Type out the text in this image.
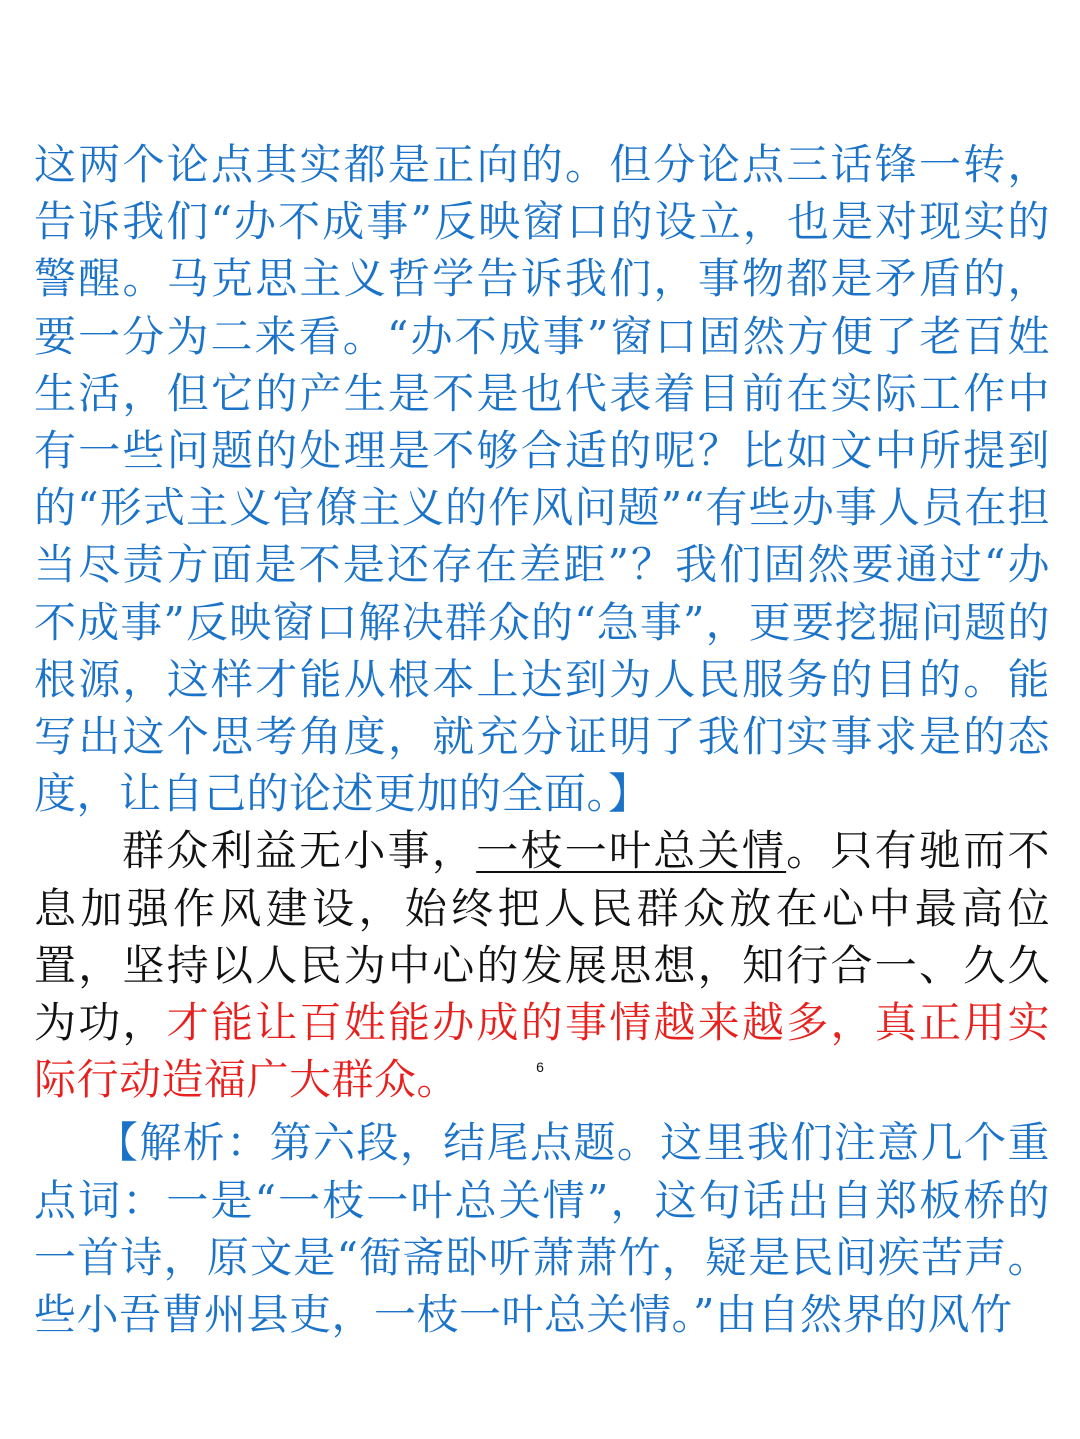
这两个论点其实都是正向的。但分论点三话锋一转，告诉我们“办不成事”反映窗口的设立，也是对现实的警醒。马克思主义哲学告诉我们，事物都是矛盾的，要一分为二来看。“办不成事”窗口固然方便了老百姓生活，但它的产生是不是也代表着目前在实际工作中有一些问题的处理是不够合适的呢？比如文中所提到的“形式主义官僚主义的作风问题”“有些办事人员在担当尽责方面是不是还存在差距”？我们固然要通过“办不成事”反映窗口解决群众的“急事”，更要挖掘问题的根源，这样才能从根本上达到为人民服务的目的。能写出这个思考角度，就充分证明了我们实事求是的态度，让自己的论述更加的全面。】

群众利益无小事，一枝一叶总关情。只有驰而不息加强作风建设，始终把人民群众放在心中最高位置，坚持以人民为中心的发展思想，知行合一、久久为功，才能让百姓能办成的事情越来越多，真正用实际行动造福广大群众。

【解析：第六段，结尾点题。这里我们注意几个重点词：一是“一枝一叶总关情”，这句话出自郑板桥的一首诗，原文是“衙斋卧听萧萧竹，疑是民间疾苦声。些小吾曹州县吏，一枝一叶总关情。”由自然界的风竹

6
